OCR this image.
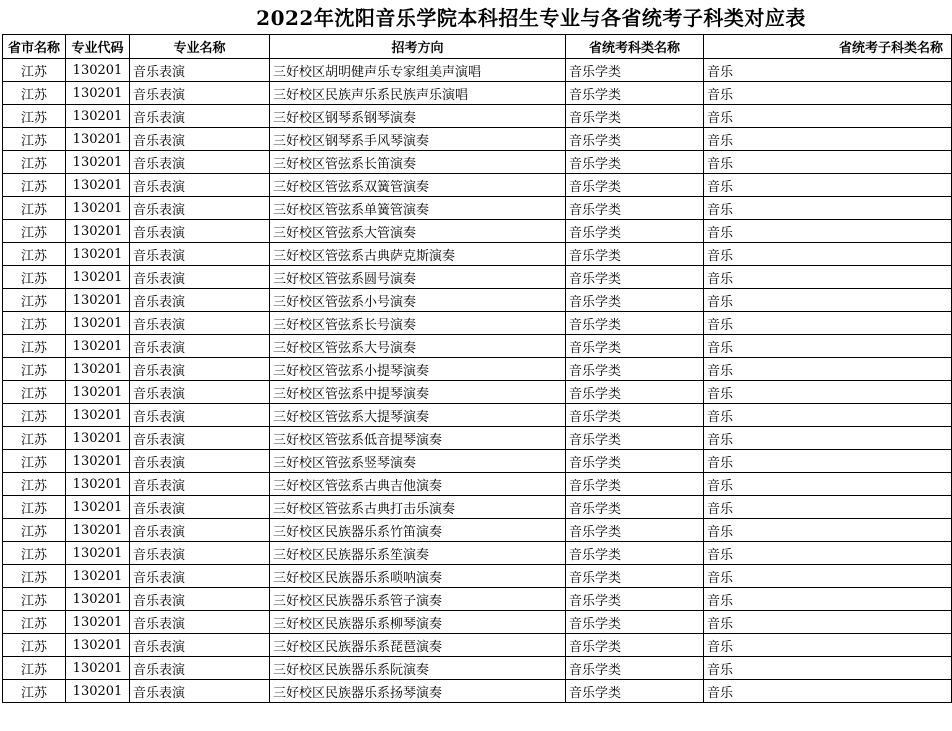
2022年沈阳音乐学院本科招生专业与各省统考子科类对应表
省市名称	专业代码	专业名称	招考方向	省统考科类名称	省统考子科类名称
江苏	130201	音乐表演	三好校区胡明健声乐专家组美声演唱	音乐学类	音乐
江苏	130201	音乐表演	三好校区民族声乐系民族声乐演唱	音乐学类	音乐
江苏	130201	音乐表演	三好校区钢琴系钢琴演奏	音乐学类	音乐
江苏	130201	音乐表演	三好校区钢琴系手风琴演奏	音乐学类	音乐
江苏	130201	音乐表演	三好校区管弦系长笛演奏	音乐学类	音乐
江苏	130201	音乐表演	三好校区管弦系双簧管演奏	音乐学类	音乐
江苏	130201	音乐表演	三好校区管弦系单簧管演奏	音乐学类	音乐
江苏	130201	音乐表演	三好校区管弦系大管演奏	音乐学类	音乐
江苏	130201	音乐表演	三好校区管弦系古典萨克斯演奏	音乐学类	音乐
江苏	130201	音乐表演	三好校区管弦系圆号演奏	音乐学类	音乐
江苏	130201	音乐表演	三好校区管弦系小号演奏	音乐学类	音乐
江苏	130201	音乐表演	三好校区管弦系长号演奏	音乐学类	音乐
江苏	130201	音乐表演	三好校区管弦系大号演奏	音乐学类	音乐
江苏	130201	音乐表演	三好校区管弦系小提琴演奏	音乐学类	音乐
江苏	130201	音乐表演	三好校区管弦系中提琴演奏	音乐学类	音乐
江苏	130201	音乐表演	三好校区管弦系大提琴演奏	音乐学类	音乐
江苏	130201	音乐表演	三好校区管弦系低音提琴演奏	音乐学类	音乐
江苏	130201	音乐表演	三好校区管弦系竖琴演奏	音乐学类	音乐
江苏	130201	音乐表演	三好校区管弦系古典吉他演奏	音乐学类	音乐
江苏	130201	音乐表演	三好校区管弦系古典打击乐演奏	音乐学类	音乐
江苏	130201	音乐表演	三好校区民族器乐系竹笛演奏	音乐学类	音乐
江苏	130201	音乐表演	三好校区民族器乐系笙演奏	音乐学类	音乐
江苏	130201	音乐表演	三好校区民族器乐系唢呐演奏	音乐学类	音乐
江苏	130201	音乐表演	三好校区民族器乐系管子演奏	音乐学类	音乐
江苏	130201	音乐表演	三好校区民族器乐系柳琴演奏	音乐学类	音乐
江苏	130201	音乐表演	三好校区民族器乐系琵琶演奏	音乐学类	音乐
江苏	130201	音乐表演	三好校区民族器乐系阮演奏	音乐学类	音乐
江苏	130201	音乐表演	三好校区民族器乐系扬琴演奏	音乐学类	音乐
